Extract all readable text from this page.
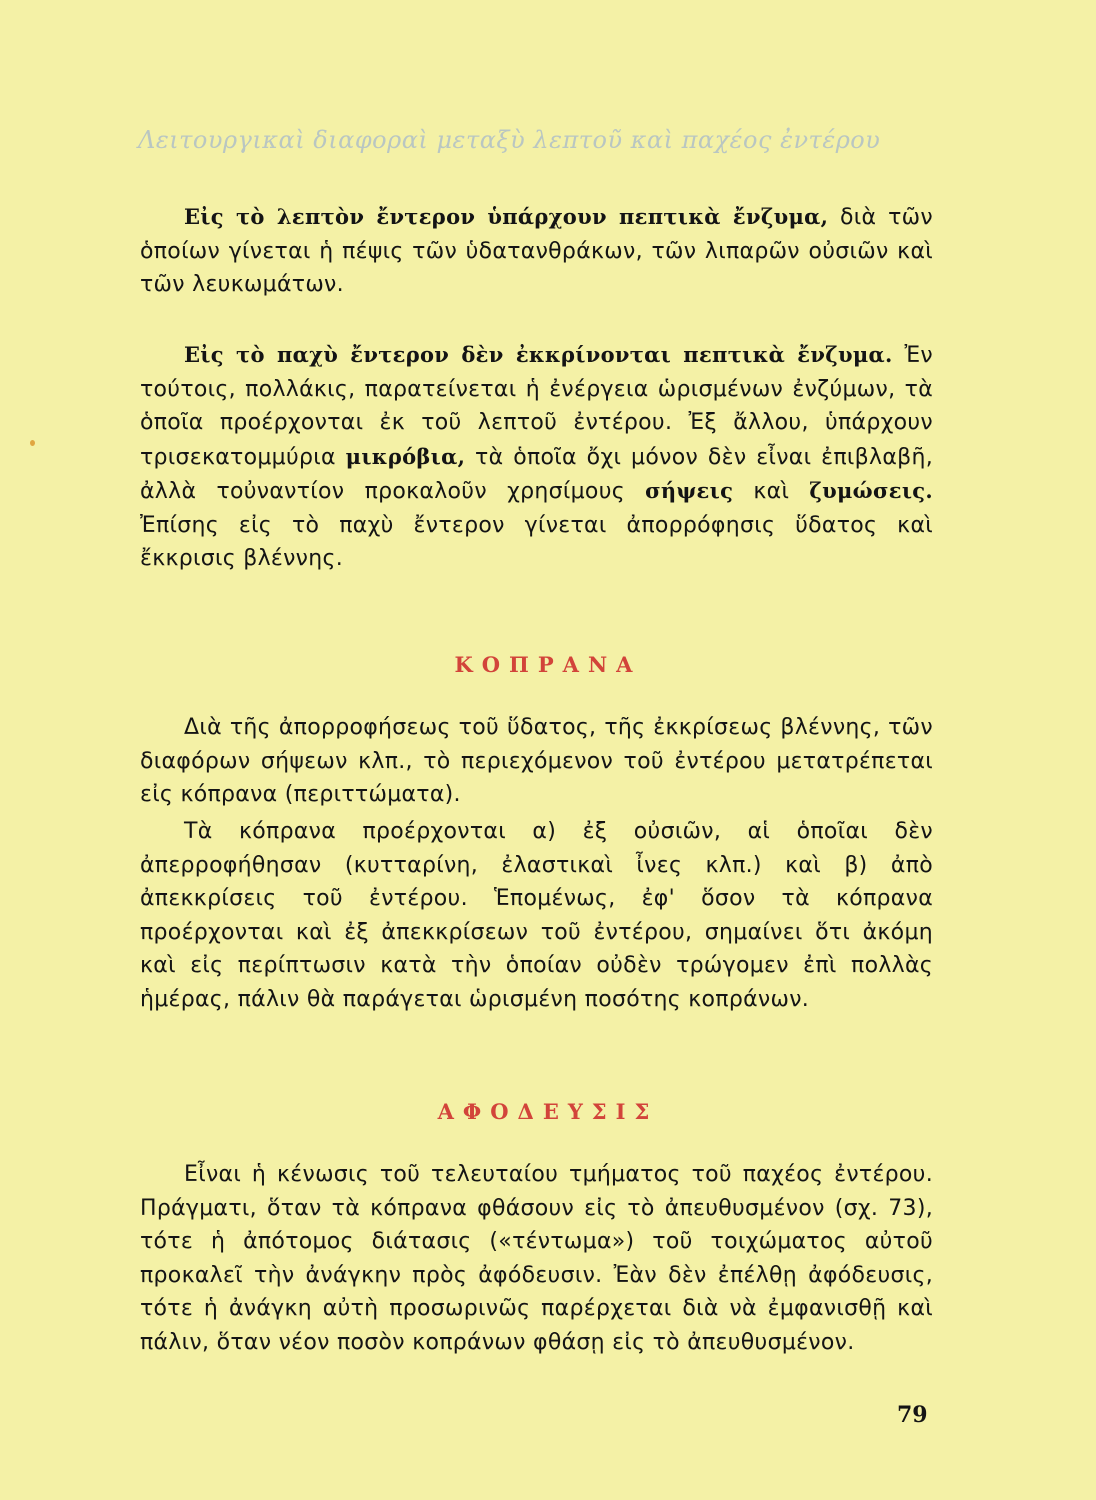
Λειτουργικαὶ διαφοραὶ μεταξὺ λεπτοῦ καὶ παχέος ἐντέρου

Εἰς τὸ λεπτὸν ἔντερον ὑπάρχουν πεπτικὰ ἔνζυμα, διὰ τῶν ὁποίων γίνεται ἡ πέψις τῶν ὑδατανθράκων, τῶν λιπαρῶν οὐσιῶν καὶ τῶν λευκωμάτων.

Εἰς τὸ παχὺ ἔντερον δὲν ἐκκρίνονται πεπτικὰ ἔνζυμα. Ἐν τούτοις, πολλάκις, παρατείνεται ἡ ἐνέργεια ὡρισμένων ἐνζύμων, τὰ ὁποῖα προέρχονται ἐκ τοῦ λεπτοῦ ἐντέρου. Ἐξ ἄλλου, ὑπάρχουν τρισεκατομμύρια μικρόβια, τὰ ὁποῖα ὄχι μόνον δὲν εἶναι ἐπιβλαβῆ, ἀλλὰ τοὐναντίον προκαλοῦν χρησίμους σήψεις καὶ ζυμώσεις. Ἐπίσης εἰς τὸ παχὺ ἔντερον γίνεται ἀπορρόφησις ὕδατος καὶ ἔκκρισις βλέννης.

ΚΟΠΡΑΝΑ

Διὰ τῆς ἀπορροφήσεως τοῦ ὕδατος, τῆς ἐκκρίσεως βλέννης, τῶν διαφόρων σήψεων κλπ., τὸ περιεχόμενον τοῦ ἐντέρου μετατρέπεται εἰς κόπρανα (περιττώματα).

Τὰ κόπρανα προέρχονται α) ἐξ οὐσιῶν, αἱ ὁποῖαι δὲν ἀπερροφήθησαν (κυτταρίνη, ἐλαστικαὶ ἶνες κλπ.) καὶ β) ἀπὸ ἀπεκκρίσεις τοῦ ἐντέρου. Ἑπομένως, ἐφ' ὅσον τὰ κόπρανα προέρχονται καὶ ἐξ ἀπεκκρίσεων τοῦ ἐντέρου, σημαίνει ὅτι ἀκόμη καὶ εἰς περίπτωσιν κατὰ τὴν ὁποίαν οὐδὲν τρώγομεν ἐπὶ πολλὰς ἡμέρας, πάλιν θὰ παράγεται ὡρισμένη ποσότης κοπράνων.

ΑΦΟΔΕΥΣΙΣ

Εἶναι ἡ κένωσις τοῦ τελευταίου τμήματος τοῦ παχέος ἐντέρου. Πράγματι, ὅταν τὰ κόπρανα φθάσουν εἰς τὸ ἀπευθυσμένον (σχ. 73), τότε ἡ ἀπότομος διάτασις («τέντωμα») τοῦ τοιχώματος αὐτοῦ προκαλεῖ τὴν ἀνάγκην πρὸς ἀφόδευσιν. Ἐὰν δὲν ἐπέλθῃ ἀφόδευσις, τότε ἡ ἀνάγκη αὐτὴ προσωρινῶς παρέρχεται διὰ νὰ ἐμφανισθῇ καὶ πάλιν, ὅταν νέον ποσὸν κοπράνων φθάσῃ εἰς τὸ ἀπευθυσμένον.

79
